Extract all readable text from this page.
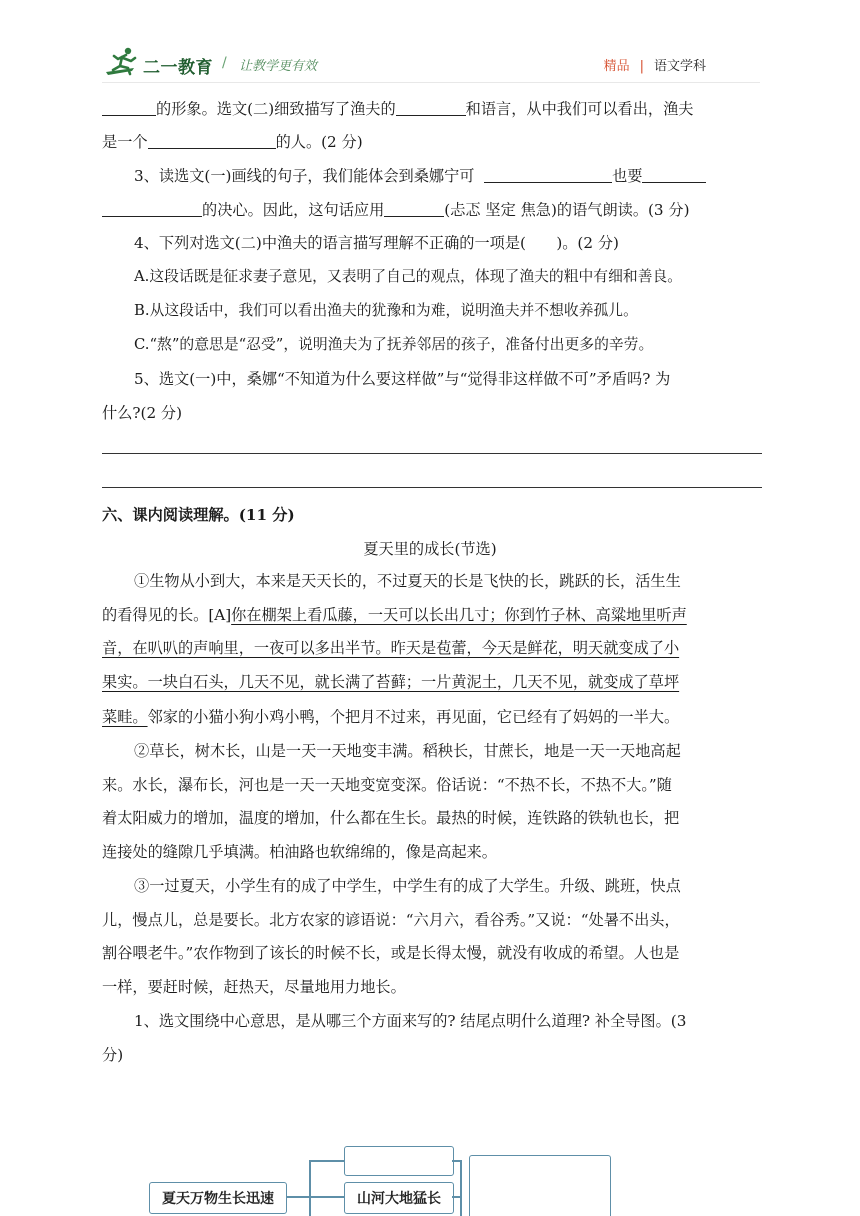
二一教育 / 让教学更有效	精品 | 语文学科
的形象。选文(二)细致描写了渔夫的	和语言，从中我们可以看出，渔夫
是一个	的人。(2 分)
3、读选文(一)画线的句子，我们能体会到桑娜宁可	也要
的决心。因此，这句话应用	(忐忑 坚定 焦急)的语气朗读。(3 分)
4、下列对选文(二)中渔夫的语言描写理解不正确的一项是(　　)。(2 分)
A.这段话既是征求妻子意见，又表明了自己的观点，体现了渔夫的粗中有细和善良。
B.从这段话中，我们可以看出渔夫的犹豫和为难，说明渔夫并不想收养孤儿。
C.“熬”的意思是“忍受”，说明渔夫为了抚养邻居的孩子，准备付出更多的辛劳。
5、选文(一)中，桑娜“不知道为什么要这样做”与“觉得非这样做不可”矛盾吗? 为
什么?(2 分)
六、课内阅读理解。(11 分)
夏天里的成长(节选)
①生物从小到大，本来是天天长的，不过夏天的长是飞快的长，跳跃的长，活生生
的看得见的长。[A]你在棚架上看瓜藤，一天可以长出几寸；你到竹子林、高粱地里听声
音，在叭叭的声响里，一夜可以多出半节。昨天是苞蕾，今天是鲜花，明天就变成了小
果实。一块白石头，几天不见，就长满了苔藓；一片黄泥土，几天不见，就变成了草坪
菜畦。邻家的小猫小狗小鸡小鸭，个把月不过来，再见面，它已经有了妈妈的一半大。
②草长，树木长，山是一天一天地变丰满。稻秧长，甘蔗长，地是一天一天地高起
来。水长，瀑布长，河也是一天一天地变宽变深。俗话说：“不热不长，不热不大。”随
着太阳威力的增加，温度的增加，什么都在生长。最热的时候，连铁路的铁轨也长，把
连接处的缝隙几乎填满。柏油路也软绵绵的，像是高起来。
③一过夏天，小学生有的成了中学生，中学生有的成了大学生。升级、跳班，快点
儿，慢点儿，总是要长。北方农家的谚语说：“六月六，看谷秀。”又说：“处暑不出头，
割谷喂老牛。”农作物到了该长的时候不长，或是长得太慢，就没有收成的希望。人也是
一样，要赶时候，赶热天，尽量地用力地长。
1、选文围绕中心意思，是从哪三个方面来写的? 结尾点明什么道理? 补全导图。(3
分)
夏天万物生长迅速	山河大地猛长
